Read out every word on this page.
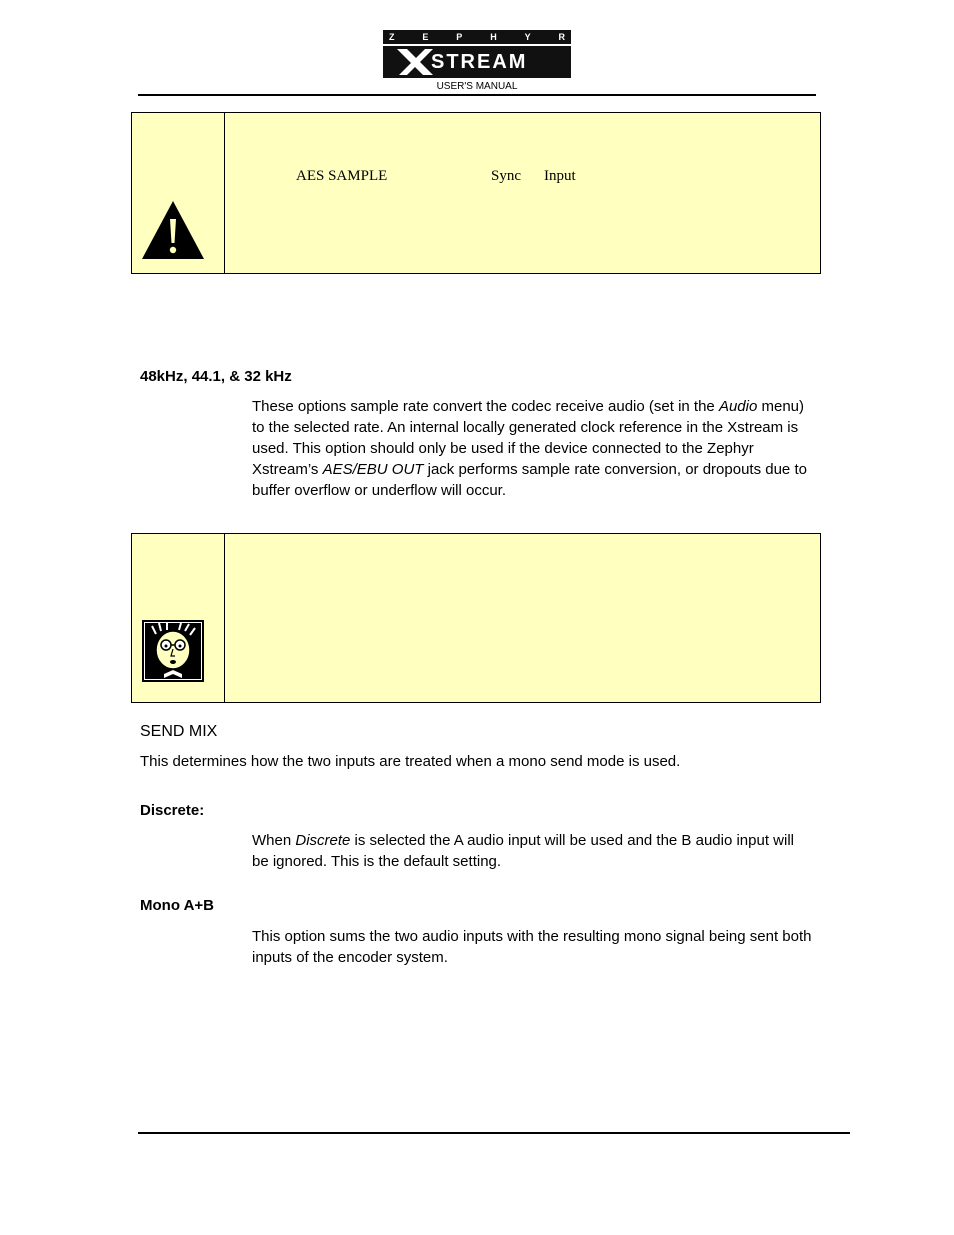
Z	E	P	H	Y	R
STREAM
USER'S MANUAL
AES SAMPLE	Sync Input
48kHz, 44.1, & 32 kHz
These options sample rate convert the codec receive audio (set in the Audio menu) to the selected rate. An internal locally generated clock reference in the Xstream is used. This option should only be used if the device connected to the Zephyr Xstream’s AES/EBU OUT jack performs sample rate conversion, or dropouts due to buffer overflow or underflow will occur.
SEND MIX
This determines how the two inputs are treated when a mono send mode is used.
Discrete:
When Discrete is selected the A audio input will be used and the B audio input will be ignored. This is the default setting.
Mono A+B
This option sums the two audio inputs with the resulting mono signal being sent both inputs of the encoder system.
